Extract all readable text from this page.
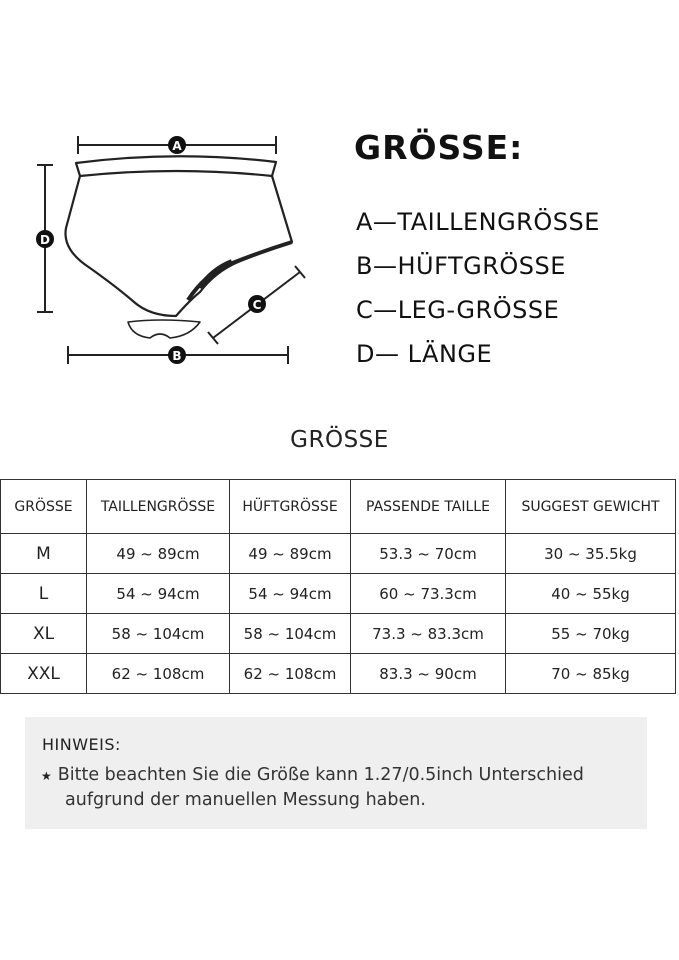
A
D
B
C
GRÖSSE:
A—TAILLENGRÖSSE
B—HÜFTGRÖSSE
C—LEG-GRÖSSE
D— LÄNGE
GRÖSSE
GRÖSSE	TAILLENGRÖSSE	HÜFTGRÖSSE	PASSENDE TAILLE	SUGGEST GEWICHT
M	49 ~ 89cm	49 ~ 89cm	53.3 ~ 70cm	30 ~ 35.5kg
L	54 ~ 94cm	54 ~ 94cm	60 ~ 73.3cm	40 ~ 55kg
XL	58 ~ 104cm	58 ~ 104cm	73.3 ~ 83.3cm	55 ~ 70kg
XXL	62 ~ 108cm	62 ~ 108cm	83.3 ~ 90cm	70 ~ 85kg
HINWEIS:
★ Bitte beachten Sie die Größe kann 1.27/0.5inch Unterschied
aufgrund der manuellen Messung haben.
